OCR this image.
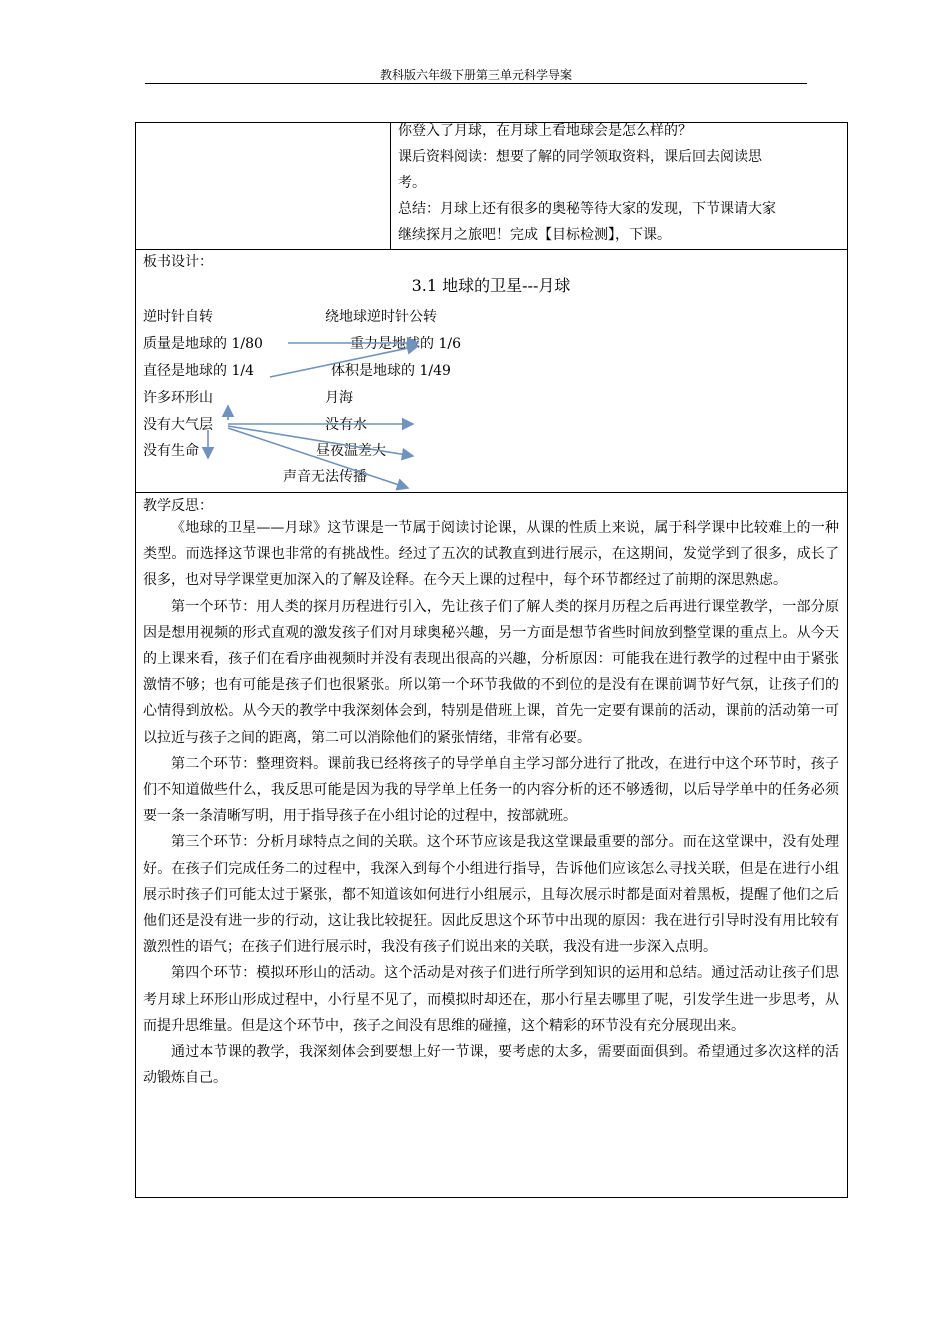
教科版六年级下册第三单元科学导案
你登入了月球，在月球上看地球会是怎么样的？
课后资料阅读：想要了解的同学领取资料，课后回去阅读思
考。
总结：月球上还有很多的奥秘等待大家的发现，下节课请大家
继续探月之旅吧！完成【目标检测】，下课。
板书设计：
3.1 地球的卫星---月球
逆时针自转
质量是地球的 1/80
直径是地球的 1/4
许多环形山
没有大气层
没有生命
绕地球逆时针公转
重力是地球的 1/6
体积是地球的 1/49
月海
没有水
昼夜温差大
声音无法传播
教学反思：

《地球的卫星——月球》这节课是一节属于阅读讨论课，从课的性质上来说，属于科学课中比较难上的一种类型。而选择这节课也非常的有挑战性。经过了五次的试教直到进行展示，在这期间，发觉学到了很多，成长了很多，也对导学课堂更加深入的了解及诠释。在今天上课的过程中，每个环节都经过了前期的深思熟虑。

第一个环节：用人类的探月历程进行引入，先让孩子们了解人类的探月历程之后再进行课堂教学，一部分原因是想用视频的形式直观的激发孩子们对月球奥秘兴趣，另一方面是想节省些时间放到整堂课的重点上。从今天的上课来看，孩子们在看序曲视频时并没有表现出很高的兴趣，分析原因：可能我在进行教学的过程中由于紧张激情不够；也有可能是孩子们也很紧张。所以第一个环节我做的不到位的是没有在课前调节好气氛，让孩子们的心情得到放松。从今天的教学中我深刻体会到，特别是借班上课，首先一定要有课前的活动，课前的活动第一可以拉近与孩子之间的距离，第二可以消除他们的紧张情绪，非常有必要。

第二个环节：整理资料。课前我已经将孩子的导学单自主学习部分进行了批改，在进行中这个环节时，孩子们不知道做些什么，我反思可能是因为我的导学单上任务一的内容分析的还不够透彻，以后导学单中的任务必须要一条一条清晰写明，用于指导孩子在小组讨论的过程中，按部就班。

第三个环节：分析月球特点之间的关联。这个环节应该是我这堂课最重要的部分。而在这堂课中，没有处理好。在孩子们完成任务二的过程中，我深入到每个小组进行指导，告诉他们应该怎么寻找关联，但是在进行小组展示时孩子们可能太过于紧张，都不知道该如何进行小组展示，且每次展示时都是面对着黑板，提醒了他们之后他们还是没有进一步的行动，这让我比较捉狂。因此反思这个环节中出现的原因：我在进行引导时没有用比较有激烈性的语气；在孩子们进行展示时，我没有孩子们说出来的关联，我没有进一步深入点明。

第四个环节：模拟环形山的活动。这个活动是对孩子们进行所学到知识的运用和总结。通过活动让孩子们思考月球上环形山形成过程中，小行星不见了，而模拟时却还在，那小行星去哪里了呢，引发学生进一步思考，从而提升思维量。但是这个环节中，孩子之间没有思维的碰撞，这个精彩的环节没有充分展现出来。

通过本节课的教学，我深刻体会到要想上好一节课，要考虑的太多，需要面面俱到。希望通过多次这样的活动锻炼自己。
